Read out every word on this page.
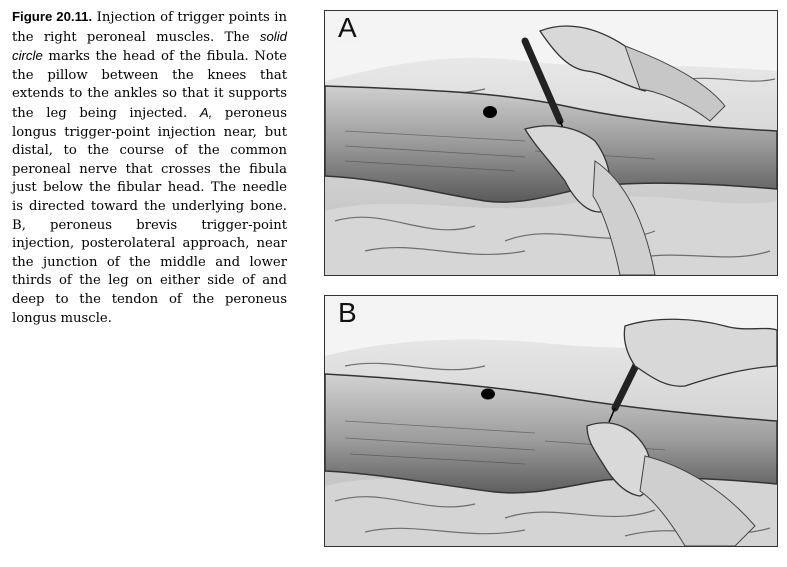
Figure 20.11. Injection of trigger points in the right peroneal muscles. The solid circle marks the head of the fibula. Note the pillow between the knees that extends to the ankles so that it supports the leg being injected. A, peroneus longus trigger-point injection near, but distal, to the course of the common peroneal nerve that crosses the fibula just below the fibular head. The needle is directed toward the underlying bone. B, peroneus brevis trigger-point injection, posterolateral approach, near the junction of the middle and lower thirds of the leg on either side of and deep to the tendon of the peroneus longus muscle.
A
B
